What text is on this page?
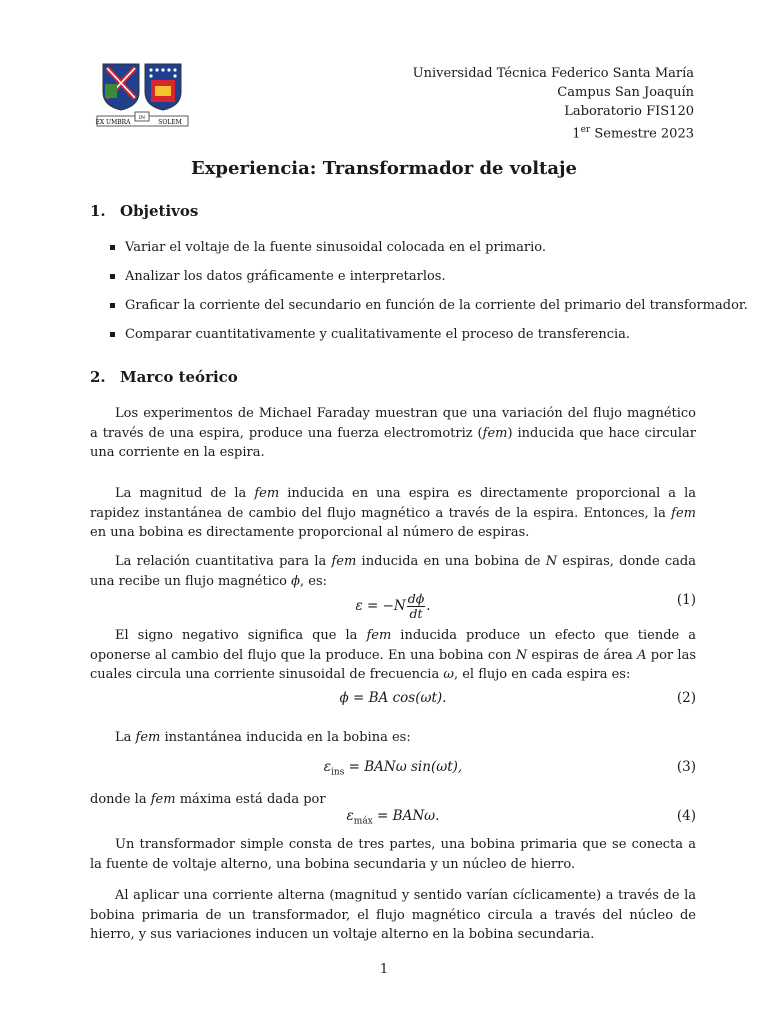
EX UMBRA
IN
SOLEM
Universidad Técnica Federico Santa María
Campus San Joaquín
Laboratorio FIS120
1er Semestre 2023
Experiencia: Transformador de voltaje
1. Objetivos
Variar el voltaje de la fuente sinusoidal colocada en el primario.
Analizar los datos gráficamente e interpretarlos.
Graficar la corriente del secundario en función de la corriente del primario del transformador.
Comparar cuantitativamente y cualitativamente el proceso de transferencia.
2. Marco teórico
Los experimentos de Michael Faraday muestran que una variación del flujo magnético a través de una espira, produce una fuerza electromotriz (fem) inducida que hace circular una corriente en la espira.
La magnitud de la fem inducida en una espira es directamente proporcional a la rapidez instantánea de cambio del flujo magnético a través de la espira. Entonces, la fem en una bobina es directamente proporcional al número de espiras.
La relación cuantitativa para la fem inducida en una bobina de N espiras, donde cada una recibe un flujo magnético ϕ, es:
$\varepsilon = -N \frac{d\phi}{dt}$ .	(1)
El signo negativo significa que la fem inducida produce un efecto que tiende a oponerse al cambio del flujo que la produce. En una bobina con N espiras de área A por las cuales circula una corriente sinusoidal de frecuencia ω, el flujo en cada espira es:
ϕ = BA cos(ωt).	(2)
La fem instantánea inducida en la bobina es:
$\varepsilon_{ins} = BAN\omega$ sin(ωt),	(3)
donde la fem máxima está dada por
$\varepsilon_{máx} = BAN\omega$.	(4)
Un transformador simple consta de tres partes, una bobina primaria que se conecta a la fuente de voltaje alterno, una bobina secundaria y un núcleo de hierro.
Al aplicar una corriente alterna (magnitud y sentido varían cíclicamente) a través de la bobina primaria de un transformador, el flujo magnético circula a través del núcleo de hierro, y sus variaciones inducen un voltaje alterno en la bobina secundaria.
1
